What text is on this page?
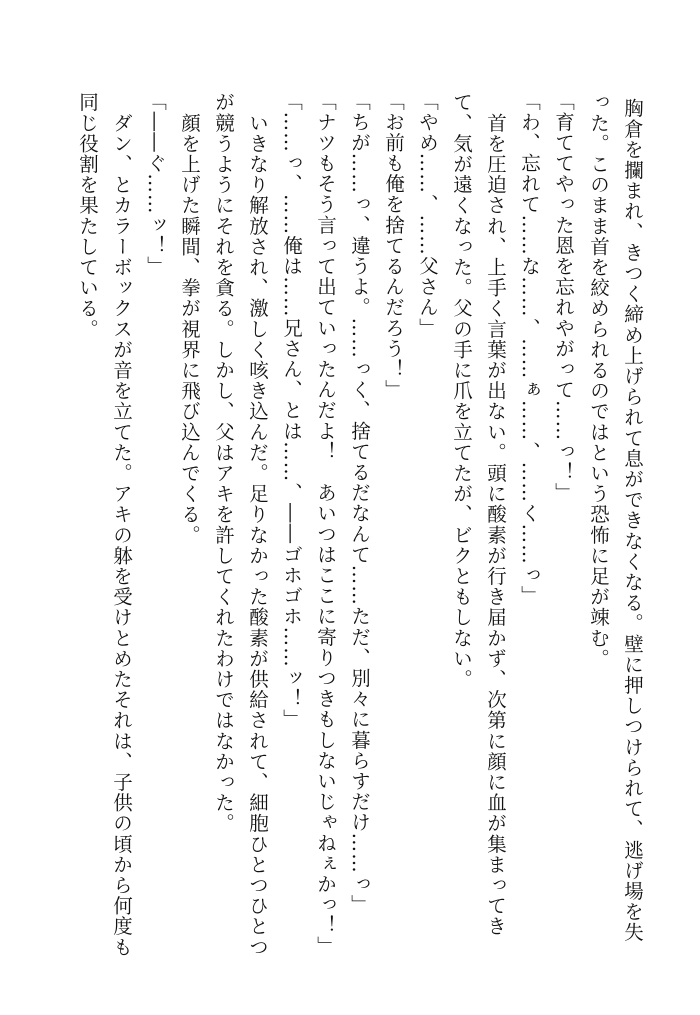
胸倉を攔まれ、きつく締め上げられて息ができなくなる。壁に押しつけられて、逃げ場を失
った。このまま首を絞められるのではという恐怖に足が竦む。
「育ててやった恩を忘れやがって……っ！」
「わ、忘れて……な……、……ぁ……、……く……っ」
　首を圧迫され、上手く言葉が出ない。頭に酸素が行き届かず、次第に顔に血が集まってき
て、気が遠くなった。父の手に爪を立てたが、ビクともしない。
「やめ……、……父さん」
「お前も俺を捨てるんだろう！」
「ちが……っ、違うよ。……っく、捨てるだなんて……ただ、別々に暮らすだけ……っ」
「ナツもそう言って出ていったんだよ！　あいつはここに寄りつきもしないじゃねぇかっ！」
「……っ、……俺は……兄さん、とは……、――ゴホゴホ……ッ！」
　いきなり解放され、激しく咳き込んだ。足りなかった酸素が供給されて、細胞ひとつひとつ
が競うようにそれを貪る。しかし、父はアキを許してくれたわけではなかった。
　顔を上げた瞬間、拳が視界に飛び込んでくる。
「――ぐ……ッ！」
　ダン、とカラーボックスが音を立てた。アキの躰を受けとめたそれは、子供の頃から何度も
同じ役割を果たしている。
